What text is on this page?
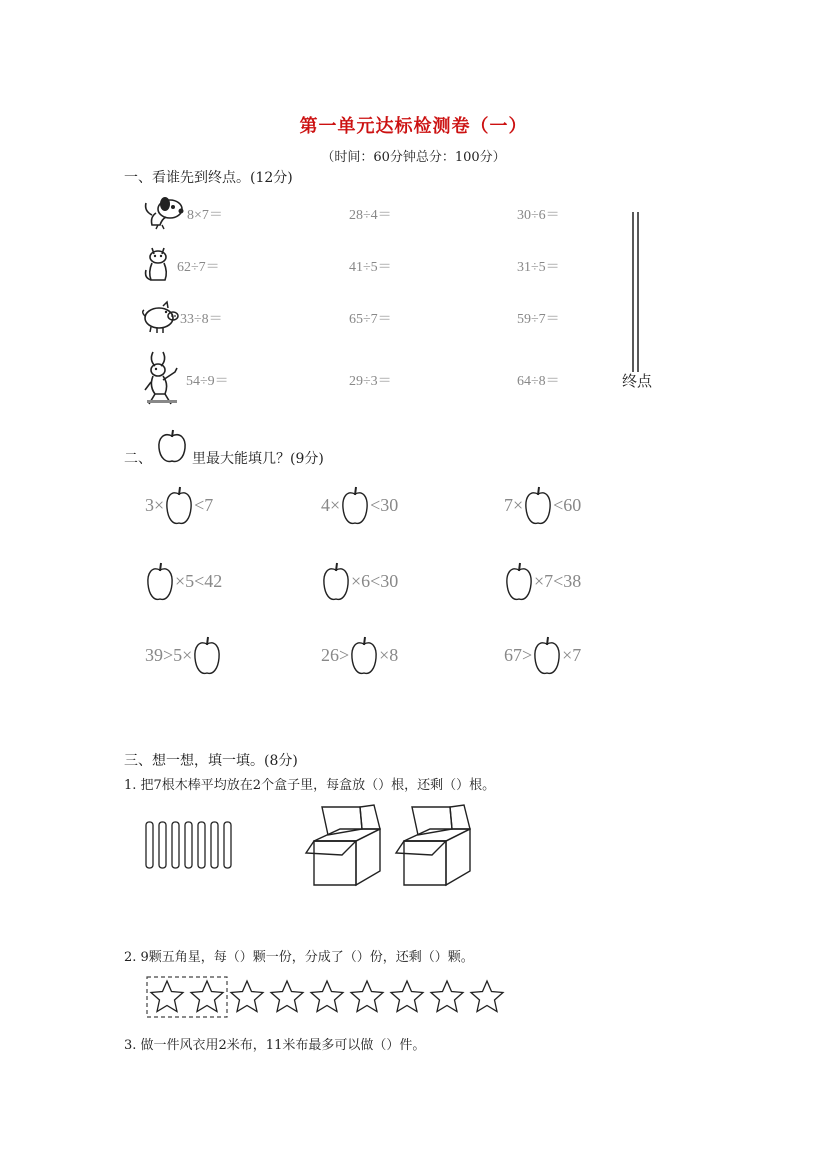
第一单元达标检测卷（一）
（时间：60分钟总分：100分）
一、看谁先到终点。(12分)
8×7＝	28÷4＝	30÷6＝
62÷7＝	41÷5＝	31÷5＝
33÷8＝	65÷7＝	59÷7＝
54÷9＝	29÷3＝	64÷8＝	终点
二、	里最大能填几？(9分)
3× <7	4× <30	7× <60
×5<42	×6<30	×7<38
39>5×	26> ×8	67> ×7
三、想一想，填一填。(8分)
1. 把7根木棒平均放在2个盒子里，每盒放（）根，还剩（）根。
2. 9颗五角星，每（）颗一份，分成了（）份，还剩（）颗。
3. 做一件风衣用2米布，11米布最多可以做（）件。
